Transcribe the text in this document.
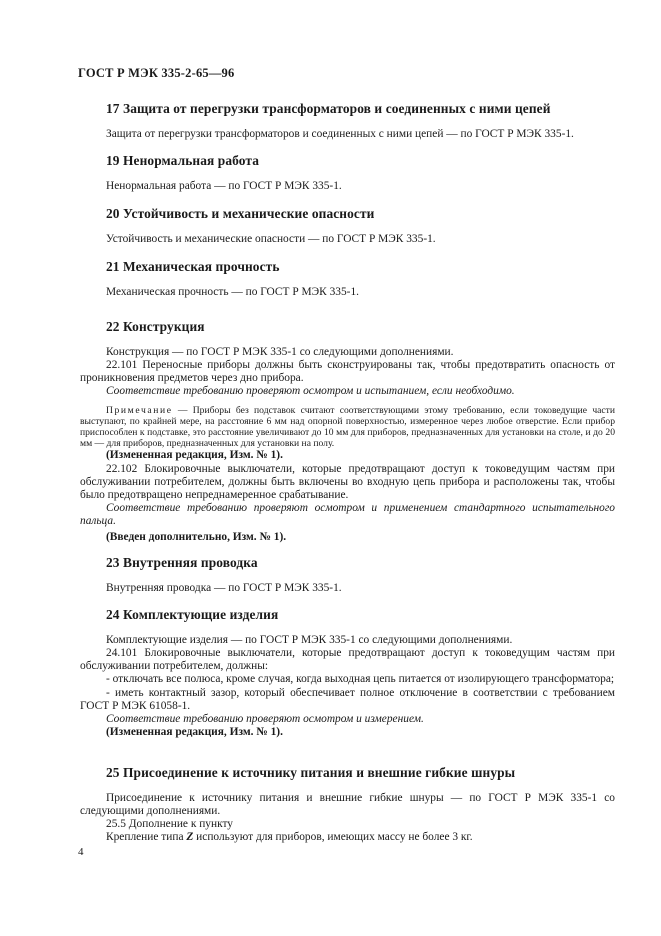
ГОСТ Р МЭК 335-2-65—96
17 Защита от перегрузки трансформаторов и соединенных с ними цепей
Защита от перегрузки трансформаторов и соединенных с ними цепей — по ГОСТ Р МЭК 335-1.
19 Ненормальная работа
Ненормальная работа — по ГОСТ Р МЭК 335-1.
20 Устойчивость и механические опасности
Устойчивость и механические опасности — по ГОСТ Р МЭК 335-1.
21 Механическая прочность
Механическая прочность — по ГОСТ Р МЭК 335-1.
22 Конструкция
Конструкция — по ГОСТ Р МЭК 335-1 со следующими дополнениями.
22.101 Переносные приборы должны быть сконструированы так, чтобы предотвратить опасность от проникновения предметов через дно прибора.
Соответствие требованию проверяют осмотром и испытанием, если необходимо.
Примечание — Приборы без подставок считают соответствующими этому требованию, если токоведущие части выступают, по крайней мере, на расстояние 6 мм над опорной поверхностью, измеренное через любое отверстие. Если прибор приспособлен к подставке, это расстояние увеличивают до 10 мм для приборов, предназначенных для установки на столе, и до 20 мм — для приборов, предназначенных для установки на полу.
(Измененная редакция, Изм. № 1).
22.102 Блокировочные выключатели, которые предотвращают доступ к токоведущим частям при обслуживании потребителем, должны быть включены во входную цепь прибора и расположены так, чтобы было предотвращено непреднамеренное срабатывание.
Соответствие требованию проверяют осмотром и применением стандартного испытательного пальца.
(Введен дополнительно, Изм. № 1).
23 Внутренняя проводка
Внутренняя проводка — по ГОСТ Р МЭК 335-1.
24 Комплектующие изделия
Комплектующие изделия — по ГОСТ Р МЭК 335-1 со следующими дополнениями.
24.101 Блокировочные выключатели, которые предотвращают доступ к токоведущим частям при обслуживании потребителем, должны:
- отключать все полюса, кроме случая, когда выходная цепь питается от изолирующего трансформатора;
- иметь контактный зазор, который обеспечивает полное отключение в соответствии с требованием ГОСТ Р МЭК 61058-1.
Соответствие требованию проверяют осмотром и измерением.
(Измененная редакция, Изм. № 1).
25 Присоединение к источнику питания и внешние гибкие шнуры
Присоединение к источнику питания и внешние гибкие шнуры — по ГОСТ Р МЭК 335-1 со следующими дополнениями.
25.5 Дополнение к пункту
Крепление типа Z используют для приборов, имеющих массу не более 3 кг.
4
